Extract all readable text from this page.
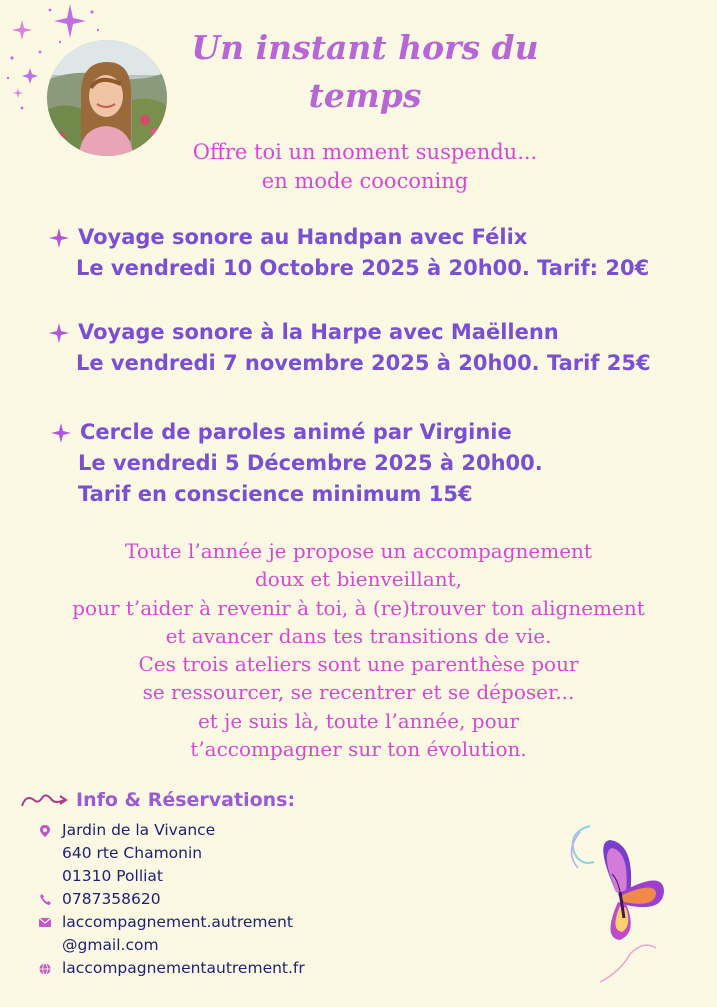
Un instant hors du
temps
Offre toi un moment suspendu...
en mode cooconing
Voyage sonore au Handpan avec Félix
Le vendredi 10 Octobre 2025 à 20h00. Tarif: 20€
Voyage sonore à la Harpe avec Maëllenn
Le vendredi 7 novembre 2025 à 20h00. Tarif 25€
Cercle de paroles animé par Virginie
Le vendredi 5 Décembre 2025 à 20h00.
Tarif en conscience minimum 15€
Toute l’année je propose un accompagnement
doux et bienveillant,
pour t’aider à revenir à toi, à (re)trouver ton alignement
et avancer dans tes transitions de vie.
Ces trois ateliers sont une parenthèse pour
se ressourcer, se recentrer et se déposer...
et je suis là, toute l’année, pour
t’accompagner sur ton évolution.
Info & Réservations:
Jardin de la Vivance
640 rte Chamonin
01310 Polliat
0787358620
laccompagnement.autrement
@gmail.com
laccompagnementautrement.fr
